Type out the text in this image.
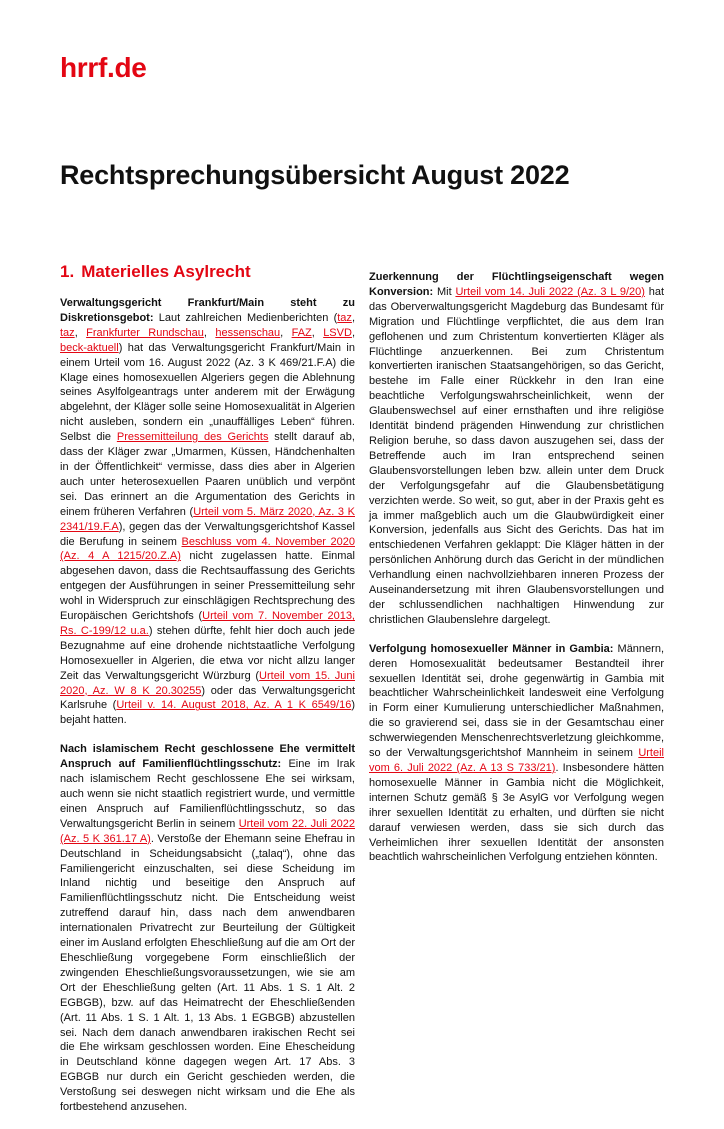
hrrf.de
Rechtsprechungsübersicht August 2022
1. Materielles Asylrecht

Verwaltungsgericht Frankfurt/Main steht zu Diskretionsgebot: Laut zahlreichen Medienberichten (taz, taz, Frankfurter Rundschau, hessenschau, FAZ, LSVD, beck-aktuell) hat das Verwaltungsgericht Frankfurt/Main in einem Urteil vom 16. August 2022 (Az. 3 K 469/21.F.A) die Klage eines homosexuellen Algeriers gegen die Ablehnung seines Asylfolgeantrags unter anderem mit der Erwägung abgelehnt, der Kläger solle seine Homosexualität in Algerien nicht ausleben, sondern ein „unauffälliges Leben“ führen. Selbst die Pressemitteilung des Gerichts stellt darauf ab, dass der Kläger zwar „Umarmen, Küssen, Händchenhalten in der Öffentlichkeit“ vermisse, dass dies aber in Algerien auch unter heterosexuellen Paaren unüblich und verpönt sei. Das erinnert an die Argumentation des Gerichts in einem früheren Verfahren (Urteil vom 5. März 2020, Az. 3 K 2341/19.F.A), gegen das der Verwaltungsgerichtshof Kassel die Berufung in seinem Beschluss vom 4. November 2020 (Az. 4 A 1215/20.Z.A) nicht zugelassen hatte. Einmal abgesehen davon, dass die Rechtsauffassung des Gerichts entgegen der Ausführungen in seiner Pressemitteilung sehr wohl in Widerspruch zur einschlägigen Rechtsprechung des Europäischen Gerichtshofs (Urteil vom 7. November 2013, Rs. C-199/12 u.a.) stehen dürfte, fehlt hier doch auch jede Bezugnahme auf eine drohende nichtstaatliche Verfolgung Homosexueller in Algerien, die etwa vor nicht allzu langer Zeit das Verwaltungsgericht Würzburg (Urteil vom 15. Juni 2020, Az. W 8 K 20.30255) oder das Verwaltungsgericht Karlsruhe (Urteil v. 14. August 2018, Az. A 1 K 6549/16) bejaht hatten.

Nach islamischem Recht geschlossene Ehe vermittelt Anspruch auf Familienflüchtlingsschutz: Eine im Irak nach islamischem Recht geschlossene Ehe sei wirksam, auch wenn sie nicht staatlich registriert wurde, und vermittle einen Anspruch auf Familienflüchtlingsschutz, so das Verwaltungsgericht Berlin in seinem Urteil vom 22. Juli 2022 (Az. 5 K 361.17 A). Verstoße der Ehemann seine Ehefrau in Deutschland in Scheidungsabsicht („talaq“), ohne das Familiengericht einzuschalten, sei diese Scheidung im Inland nichtig und beseitige den Anspruch auf Familienflüchtlingsschutz nicht. Die Entscheidung weist zutreffend darauf hin, dass nach dem anwendbaren internationalen Privatrecht zur Beurteilung der Gültigkeit einer im Ausland erfolgten Eheschließung auf die am Ort der Eheschließung vorgegebene Form einschließlich der zwingenden Eheschließungsvoraussetzungen, wie sie am Ort der Eheschließung gelten (Art. 11 Abs. 1 S. 1 Alt. 2 EGBGB), bzw. auf das Heimatrecht der Eheschließenden (Art. 11 Abs. 1 S. 1 Alt. 1, 13 Abs. 1 EGBGB) abzustellen sei. Nach dem danach anwendbaren irakischen Recht sei die Ehe wirksam geschlossen worden. Eine Ehescheidung in Deutschland könne dagegen wegen Art. 17 Abs. 3 EGBGB nur durch ein Gericht geschieden werden, die Verstoßung sei deswegen nicht wirksam und die Ehe als fortbestehend anzusehen.

Zuerkennung der Flüchtlingseigenschaft wegen Konversion: Mit Urteil vom 14. Juli 2022 (Az. 3 L 9/20) hat das Oberverwaltungsgericht Magdeburg das Bundesamt für Migration und Flüchtlinge verpflichtet, die aus dem Iran geflohenen und zum Christentum konvertierten Kläger als Flüchtlinge anzuerkennen. Bei zum Christentum konvertierten iranischen Staatsangehörigen, so das Gericht, bestehe im Falle einer Rückkehr in den Iran eine beachtliche Verfolgungswahrscheinlichkeit, wenn der Glaubenswechsel auf einer ernsthaften und ihre religiöse Identität bindend prägenden Hinwendung zur christlichen Religion beruhe, so dass davon auszugehen sei, dass der Betreffende auch im Iran entsprechend seinen Glaubensvorstellungen leben bzw. allein unter dem Druck der Verfolgungsgefahr auf die Glaubensbetätigung verzichten werde. So weit, so gut, aber in der Praxis geht es ja immer maßgeblich auch um die Glaubwürdigkeit einer Konversion, jedenfalls aus Sicht des Gerichts. Das hat im entschiedenen Verfahren geklappt: Die Kläger hätten in der persönlichen Anhörung durch das Gericht in der mündlichen Verhandlung einen nachvollziehbaren inneren Prozess der Auseinandersetzung mit ihren Glaubensvorstellungen und der schlussendlichen nachhaltigen Hinwendung zur christlichen Glaubenslehre dargelegt.

Verfolgung homosexueller Männer in Gambia: Männern, deren Homosexualität bedeutsamer Bestandteil ihrer sexuellen Identität sei, drohe gegenwärtig in Gambia mit beachtlicher Wahrscheinlichkeit landesweit eine Verfolgung in Form einer Kumulierung unterschiedlicher Maßnahmen, die so gravierend sei, dass sie in der Gesamtschau einer schwerwiegenden Menschenrechtsverletzung gleichkomme, so der Verwaltungsgerichtshof Mannheim in seinem Urteil vom 6. Juli 2022 (Az. A 13 S 733/21). Insbesondere hätten homosexuelle Männer in Gambia nicht die Möglichkeit, internen Schutz gemäß § 3e AsylG vor Verfolgung wegen ihrer sexuellen Identität zu erhalten, und dürften sie nicht darauf verwiesen werden, dass sie sich durch das Verheimlichen ihrer sexuellen Identität der ansonsten beachtlich wahrscheinlichen Verfolgung entziehen könnten.
